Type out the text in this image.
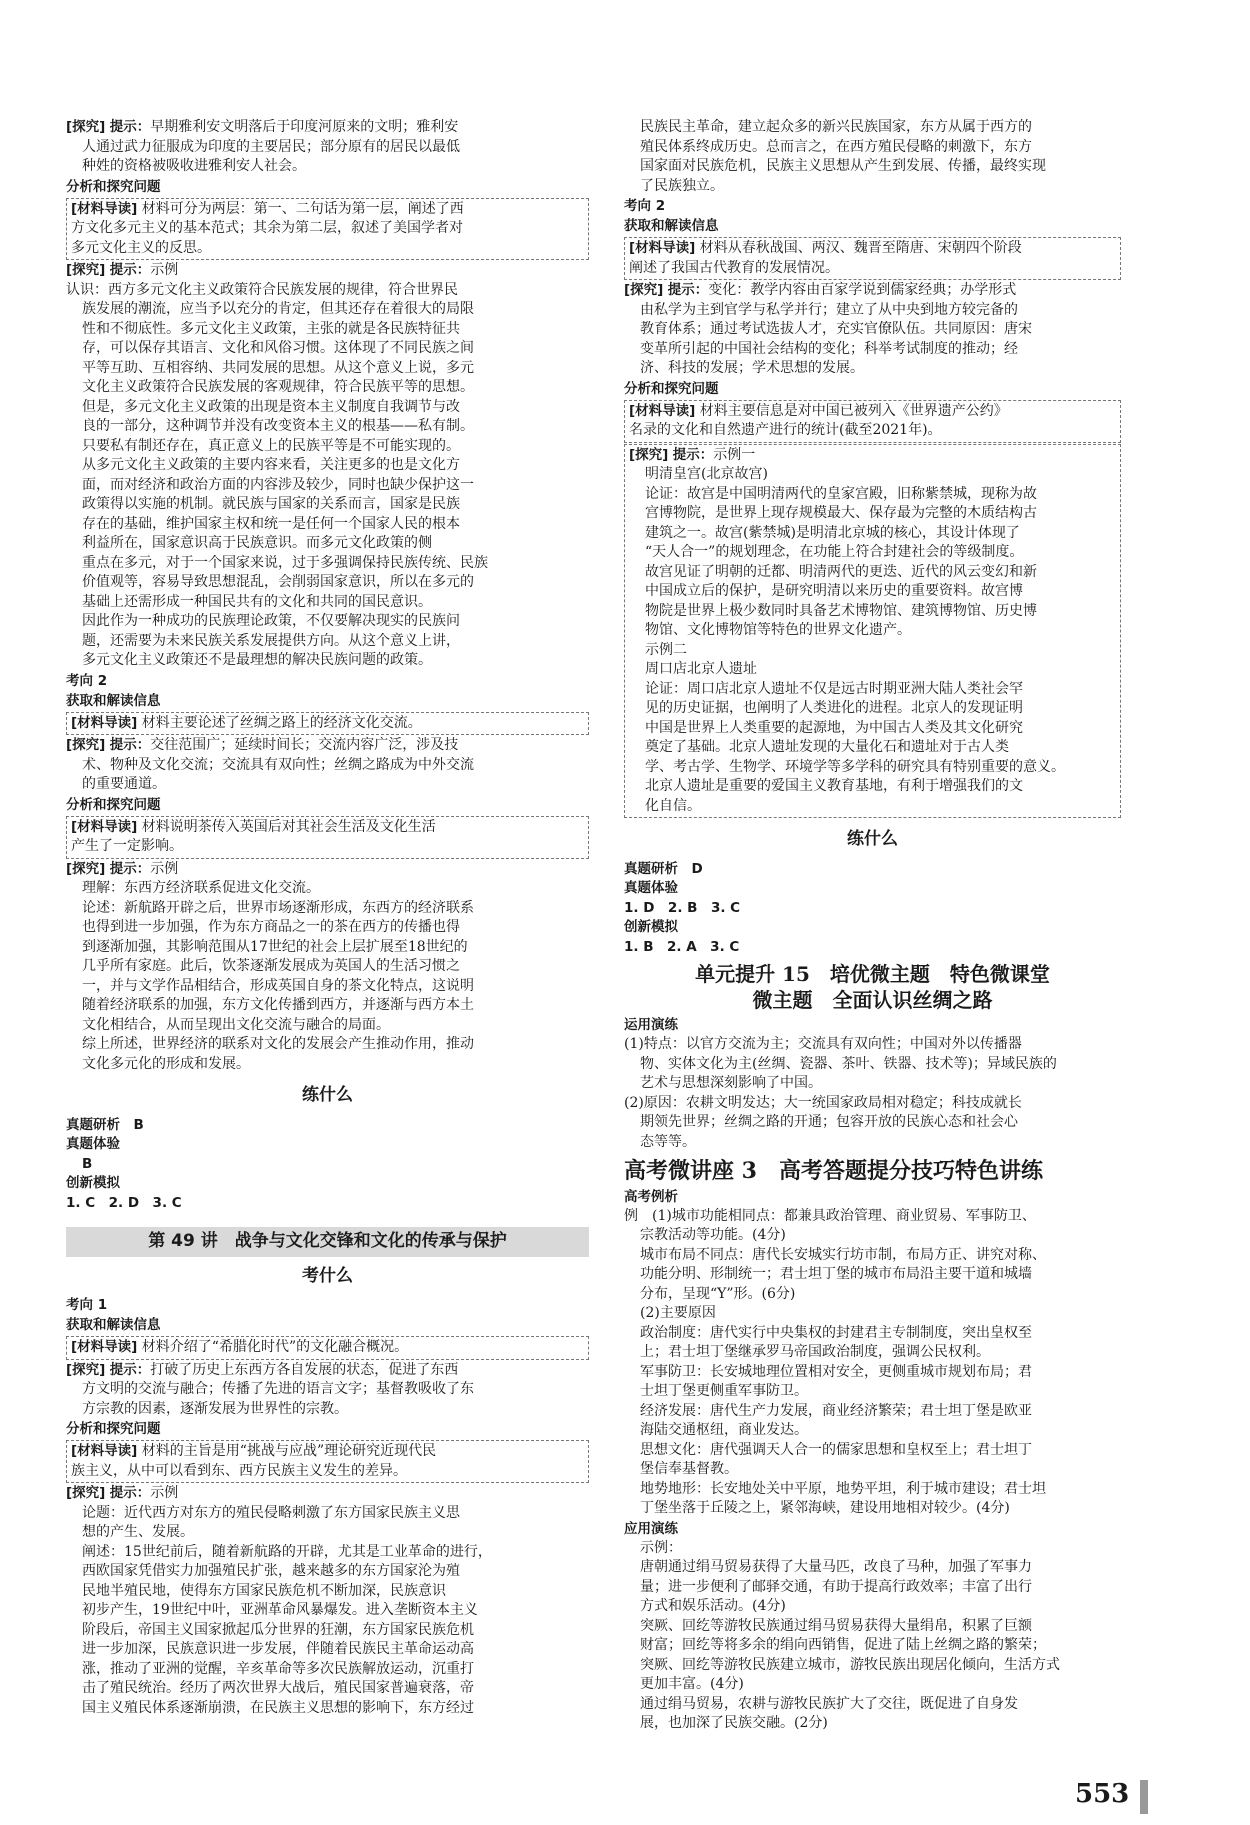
[探究] 提示：早期雅利安文明落后于印度河原来的文明；雅利安
人通过武力征服成为印度的主要居民；部分原有的居民以最低
种姓的资格被吸收进雅利安人社会。
分析和探究问题
[材料导读] 材料可分为两层：第一、二句话为第一层，阐述了西
方文化多元主义的基本范式；其余为第二层，叙述了美国学者对
多元文化主义的反思。
[探究] 提示：示例
认识：西方多元文化主义政策符合民族发展的规律，符合世界民
族发展的潮流，应当予以充分的肯定，但其还存在着很大的局限
性和不彻底性。多元文化主义政策，主张的就是各民族特征共
存，可以保存其语言、文化和风俗习惯。这体现了不同民族之间
平等互助、互相容纳、共同发展的思想。从这个意义上说，多元
文化主义政策符合民族发展的客观规律，符合民族平等的思想。
但是，多元文化主义政策的出现是资本主义制度自我调节与改
良的一部分，这种调节并没有改变资本主义的根基——私有制。
只要私有制还存在，真正意义上的民族平等是不可能实现的。
从多元文化主义政策的主要内容来看，关注更多的也是文化方
面，而对经济和政治方面的内容涉及较少，同时也缺少保护这一
政策得以实施的机制。就民族与国家的关系而言，国家是民族
存在的基础，维护国家主权和统一是任何一个国家人民的根本
利益所在，国家意识高于民族意识。而多元文化政策的侧
重点在多元，对于一个国家来说，过于多强调保持民族传统、民族
价值观等，容易导致思想混乱，会削弱国家意识，所以在多元的
基础上还需形成一种国民共有的文化和共同的国民意识。
因此作为一种成功的民族理论政策，不仅要解决现实的民族问
题，还需要为未来民族关系发展提供方向。从这个意义上讲，
多元文化主义政策还不是最理想的解决民族问题的政策。
考向 2
获取和解读信息
[材料导读] 材料主要论述了丝绸之路上的经济文化交流。
[探究] 提示：交往范围广；延续时间长；交流内容广泛，涉及技
术、物种及文化交流；交流具有双向性；丝绸之路成为中外交流
的重要通道。
分析和探究问题
[材料导读] 材料说明茶传入英国后对其社会生活及文化生活
产生了一定影响。
[探究] 提示：示例
理解：东西方经济联系促进文化交流。
论述：新航路开辟之后，世界市场逐渐形成，东西方的经济联系
也得到进一步加强，作为东方商品之一的茶在西方的传播也得
到逐渐加强，其影响范围从17世纪的社会上层扩展至18世纪的
几乎所有家庭。此后，饮茶逐渐发展成为英国人的生活习惯之
一，并与文学作品相结合，形成英国自身的茶文化特点，这说明
随着经济联系的加强，东方文化传播到西方，并逐渐与西方本土
文化相结合，从而呈现出文化交流与融合的局面。
综上所述，世界经济的联系对文化的发展会产生推动作用，推动
文化多元化的形成和发展。
练什么
真题研析　B
真题体验
B
创新模拟
1. C　2. D　3. C
第 49 讲　战争与文化交锋和文化的传承与保护
考什么
考向 1
获取和解读信息
[材料导读] 材料介绍了“希腊化时代”的文化融合概况。
[探究] 提示：打破了历史上东西方各自发展的状态，促进了东西
方文明的交流与融合；传播了先进的语言文字；基督教吸收了东
方宗教的因素，逐渐发展为世界性的宗教。
分析和探究问题
[材料导读] 材料的主旨是用“挑战与应战”理论研究近现代民
族主义，从中可以看到东、西方民族主义发生的差异。
[探究] 提示：示例
论题：近代西方对东方的殖民侵略刺激了东方国家民族主义思
想的产生、发展。
阐述：15世纪前后，随着新航路的开辟，尤其是工业革命的进行，
西欧国家凭借实力加强殖民扩张，越来越多的东方国家沦为殖
民地半殖民地，使得东方国家民族危机不断加深，民族意识
初步产生，19世纪中叶，亚洲革命风暴爆发。进入垄断资本主义
阶段后，帝国主义国家掀起瓜分世界的狂潮，东方国家民族危机
进一步加深，民族意识进一步发展，伴随着民族民主革命运动高
涨，推动了亚洲的觉醒，辛亥革命等多次民族解放运动，沉重打
击了殖民统治。经历了两次世界大战后，殖民国家普遍衰落，帝
国主义殖民体系逐渐崩溃，在民族主义思想的影响下，东方经过
民族民主革命，建立起众多的新兴民族国家，东方从属于西方的
殖民体系终成历史。总而言之，在西方殖民侵略的刺激下，东方
国家面对民族危机，民族主义思想从产生到发展、传播，最终实现
了民族独立。
考向 2
获取和解读信息
[材料导读] 材料从春秋战国、两汉、魏晋至隋唐、宋朝四个阶段
阐述了我国古代教育的发展情况。
[探究] 提示：变化：教学内容由百家学说到儒家经典；办学形式
由私学为主到官学与私学并行；建立了从中央到地方较完备的
教育体系；通过考试选拔人才，充实官僚队伍。共同原因：唐宋
变革所引起的中国社会结构的变化；科举考试制度的推动；经
济、科技的发展；学术思想的发展。
分析和探究问题
[材料导读] 材料主要信息是对中国已被列入《世界遗产公约》
名录的文化和自然遗产进行的统计(截至2021年)。
[探究] 提示：示例一
明清皇宫(北京故宫)
论证：故宫是中国明清两代的皇家宫殿，旧称紫禁城，现称为故
宫博物院，是世界上现存规模最大、保存最为完整的木质结构古
建筑之一。故宫(紫禁城)是明清北京城的核心，其设计体现了
“天人合一”的规划理念，在功能上符合封建社会的等级制度。
故宫见证了明朝的迁都、明清两代的更迭、近代的风云变幻和新
中国成立后的保护，是研究明清以来历史的重要资料。故宫博
物院是世界上极少数同时具备艺术博物馆、建筑博物馆、历史博
物馆、文化博物馆等特色的世界文化遗产。
示例二
周口店北京人遗址
论证：周口店北京人遗址不仅是远古时期亚洲大陆人类社会罕
见的历史证据，也阐明了人类进化的进程。北京人的发现证明
中国是世界上人类重要的起源地，为中国古人类及其文化研究
奠定了基础。北京人遗址发现的大量化石和遗址对于古人类
学、考古学、生物学、环境学等多学科的研究具有特别重要的意义。
北京人遗址是重要的爱国主义教育基地，有利于增强我们的文
化自信。
练什么
真题研析　D
真题体验
1. D　2. B　3. C
创新模拟
1. B　2. A　3. C
单元提升 15　培优微主题　特色微课堂
微主题　全面认识丝绸之路
运用演练
(1)特点：以官方交流为主；交流具有双向性；中国对外以传播器
物、实体文化为主(丝绸、瓷器、茶叶、铁器、技术等)；异域民族的
艺术与思想深刻影响了中国。
(2)原因：农耕文明发达；大一统国家政局相对稳定；科技成就长
期领先世界；丝绸之路的开通；包容开放的民族心态和社会心
态等等。
高考微讲座 3　高考答题提分技巧特色讲练
高考例析
例　(1)城市功能相同点：都兼具政治管理、商业贸易、军事防卫、
宗教活动等功能。(4分)
城市布局不同点：唐代长安城实行坊市制，布局方正、讲究对称、
功能分明、形制统一；君士坦丁堡的城市布局沿主要干道和城墙
分布，呈现“Y”形。(6分)
(2)主要原因
政治制度：唐代实行中央集权的封建君主专制制度，突出皇权至
上；君士坦丁堡继承罗马帝国政治制度，强调公民权利。
军事防卫：长安城地理位置相对安全，更侧重城市规划布局；君
士坦丁堡更侧重军事防卫。
经济发展：唐代生产力发展，商业经济繁荣；君士坦丁堡是欧亚
海陆交通枢纽，商业发达。
思想文化：唐代强调天人合一的儒家思想和皇权至上；君士坦丁
堡信奉基督教。
地势地形：长安地处关中平原，地势平坦，利于城市建设；君士坦
丁堡坐落于丘陵之上，紧邻海峡，建设用地相对较少。(4分)
应用演练
示例：
唐朝通过绢马贸易获得了大量马匹，改良了马种，加强了军事力
量；进一步便利了邮驿交通，有助于提高行政效率；丰富了出行
方式和娱乐活动。(4分)
突厥、回纥等游牧民族通过绢马贸易获得大量绢帛，积累了巨额
财富；回纥等将多余的绢向西销售，促进了陆上丝绸之路的繁荣；
突厥、回纥等游牧民族建立城市，游牧民族出现居化倾向，生活方式
更加丰富。(4分)
通过绢马贸易，农耕与游牧民族扩大了交往，既促进了自身发
展，也加深了民族交融。(2分)
553
